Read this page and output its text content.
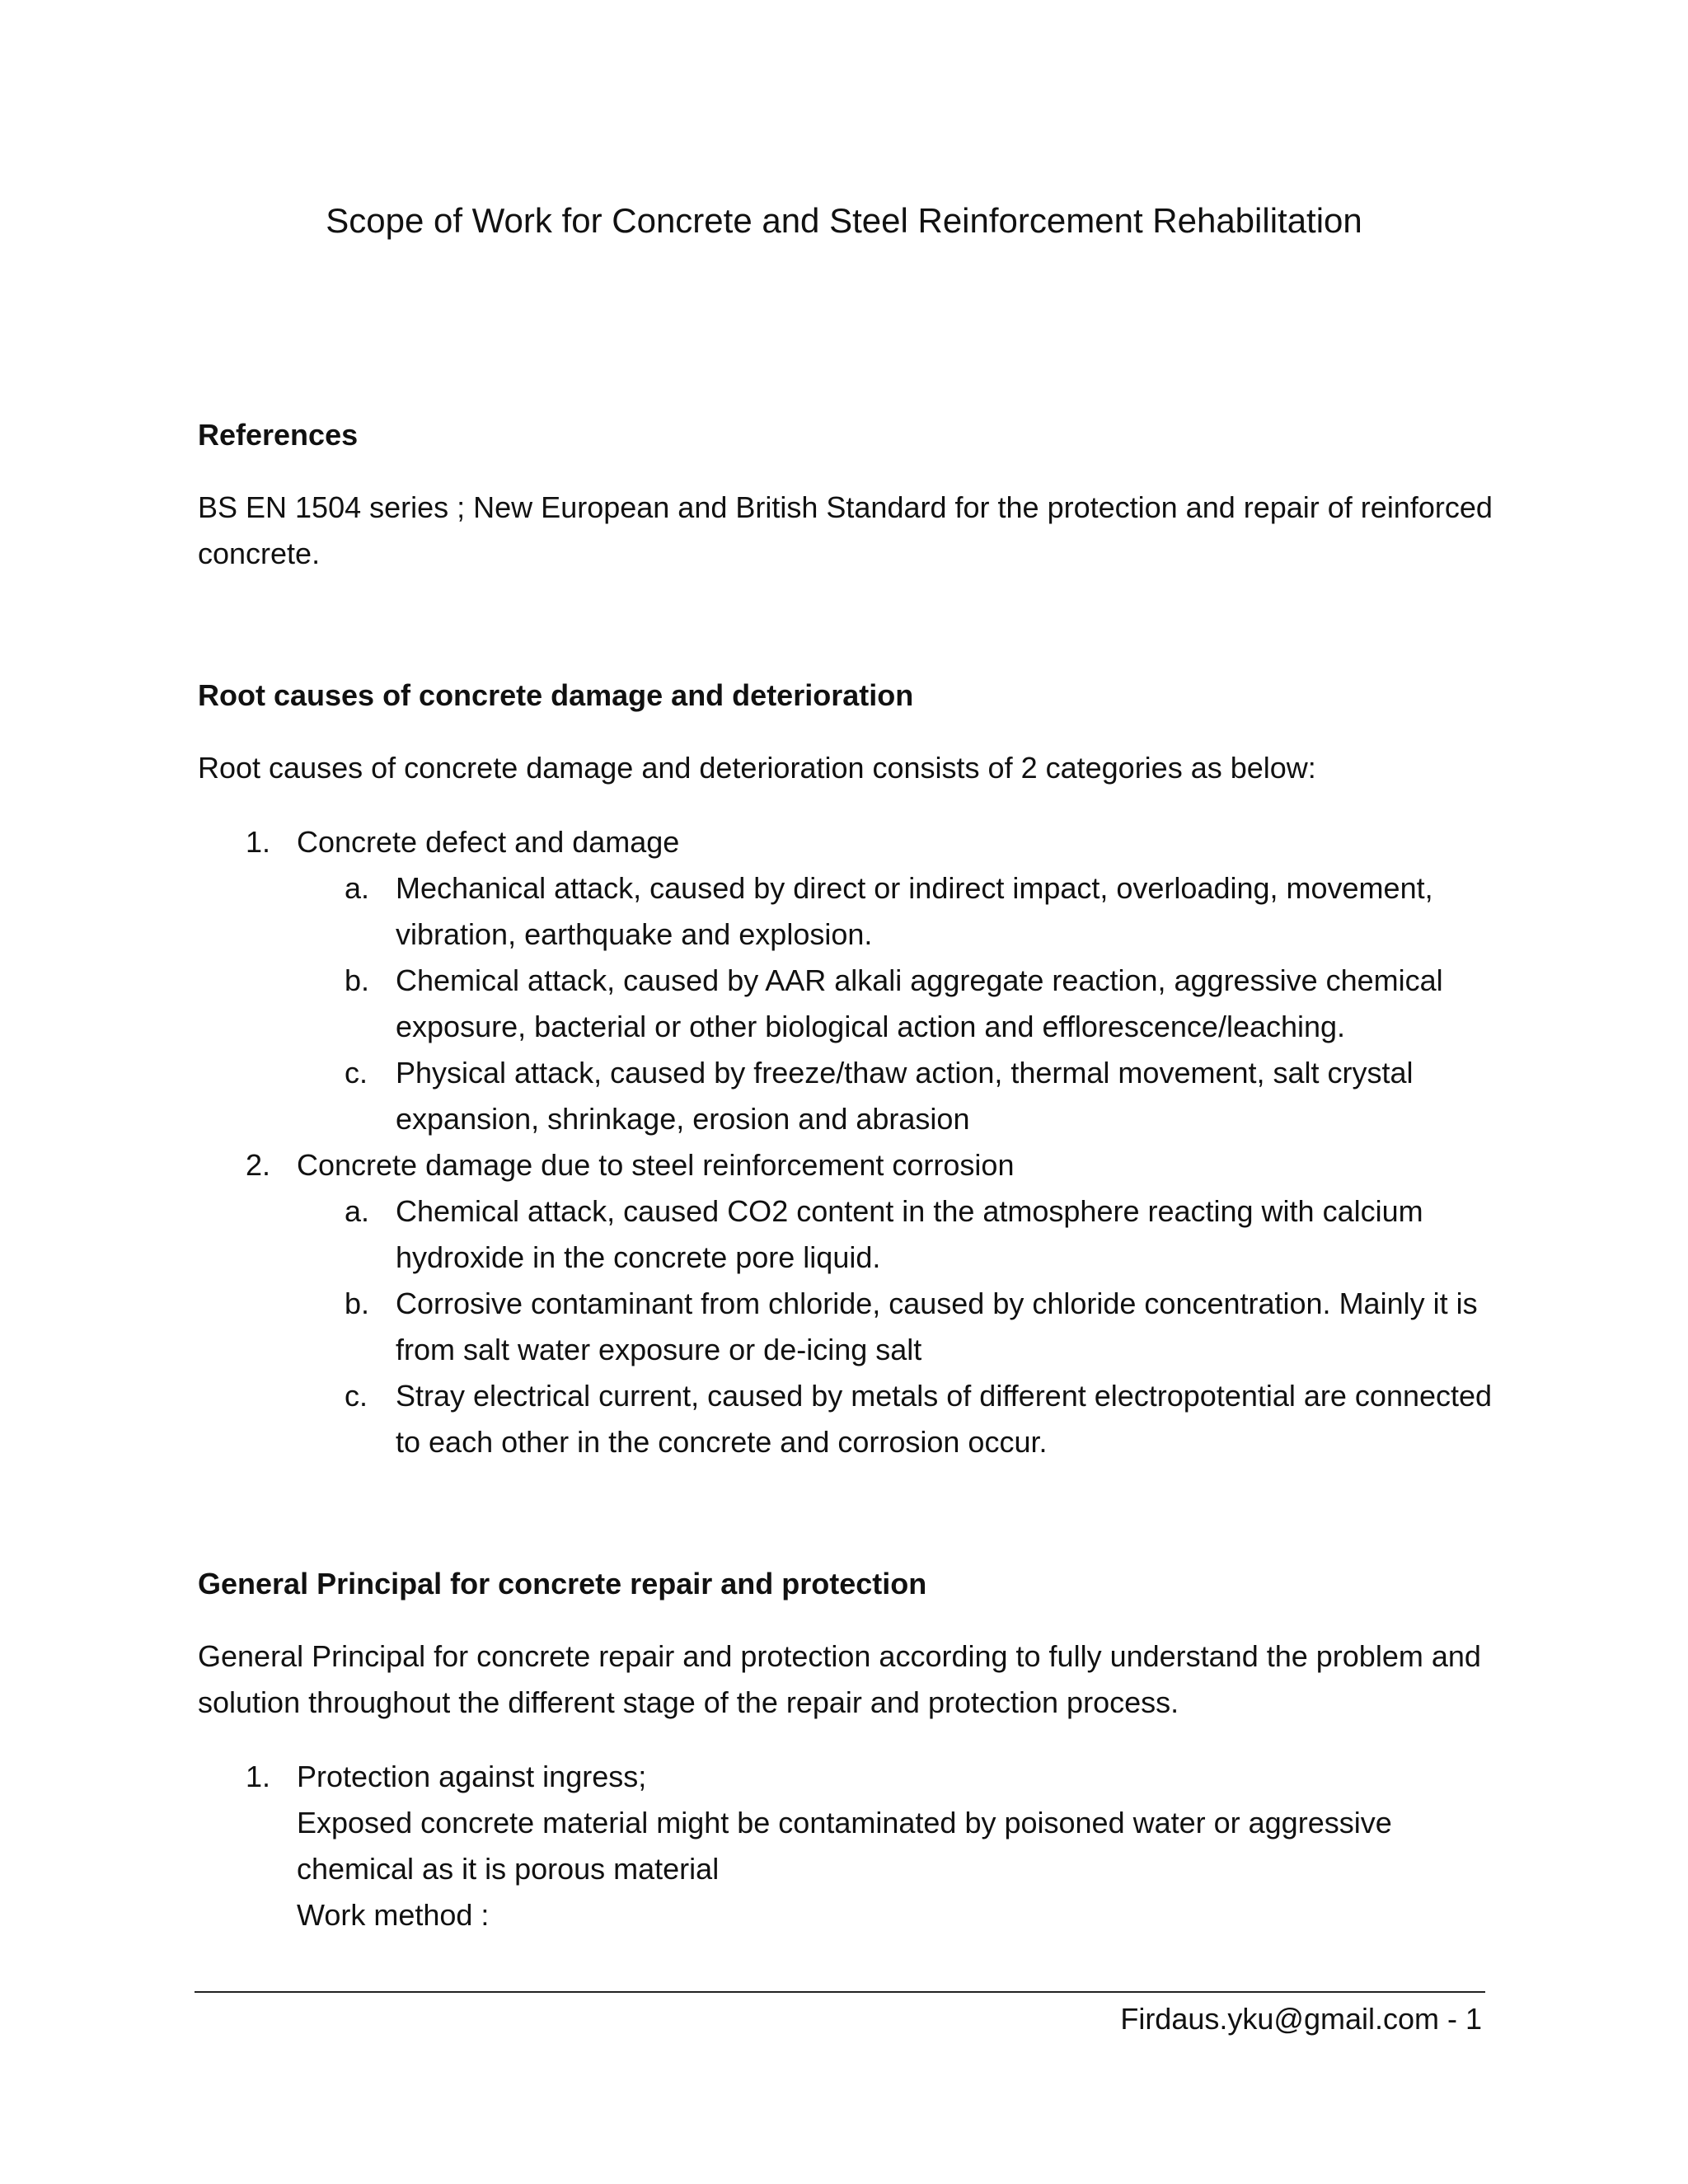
Scope of Work for Concrete and Steel Reinforcement Rehabilitation

References

BS EN 1504 series ; New European and British Standard for the protection and repair of reinforced concrete.

Root causes of concrete damage and deterioration

Root causes of concrete damage and deterioration consists of 2 categories as below:

1. Concrete defect and damage
a. Mechanical attack, caused by direct or indirect impact, overloading, movement, vibration, earthquake and explosion.
b. Chemical attack, caused by AAR alkali aggregate reaction, aggressive chemical exposure, bacterial or other biological action and efflorescence/leaching.
c. Physical attack, caused by freeze/thaw action, thermal movement, salt crystal expansion, shrinkage, erosion and abrasion
2. Concrete damage due to steel reinforcement corrosion
a. Chemical attack, caused CO2 content in the atmosphere reacting with calcium hydroxide in the concrete pore liquid.
b. Corrosive contaminant from chloride, caused by chloride concentration. Mainly it is from salt water exposure or de-icing salt
c. Stray electrical current, caused by metals of different electropotential are connected to each other in the concrete and corrosion occur.

General Principal for concrete repair and protection

General Principal for concrete repair and protection according to fully understand the problem and solution throughout the different stage of the repair and protection process.

1. Protection against ingress;
Exposed concrete material might be contaminated by poisoned water or aggressive chemical as it is porous material
Work method :
Firdaus.yku@gmail.com - 1
